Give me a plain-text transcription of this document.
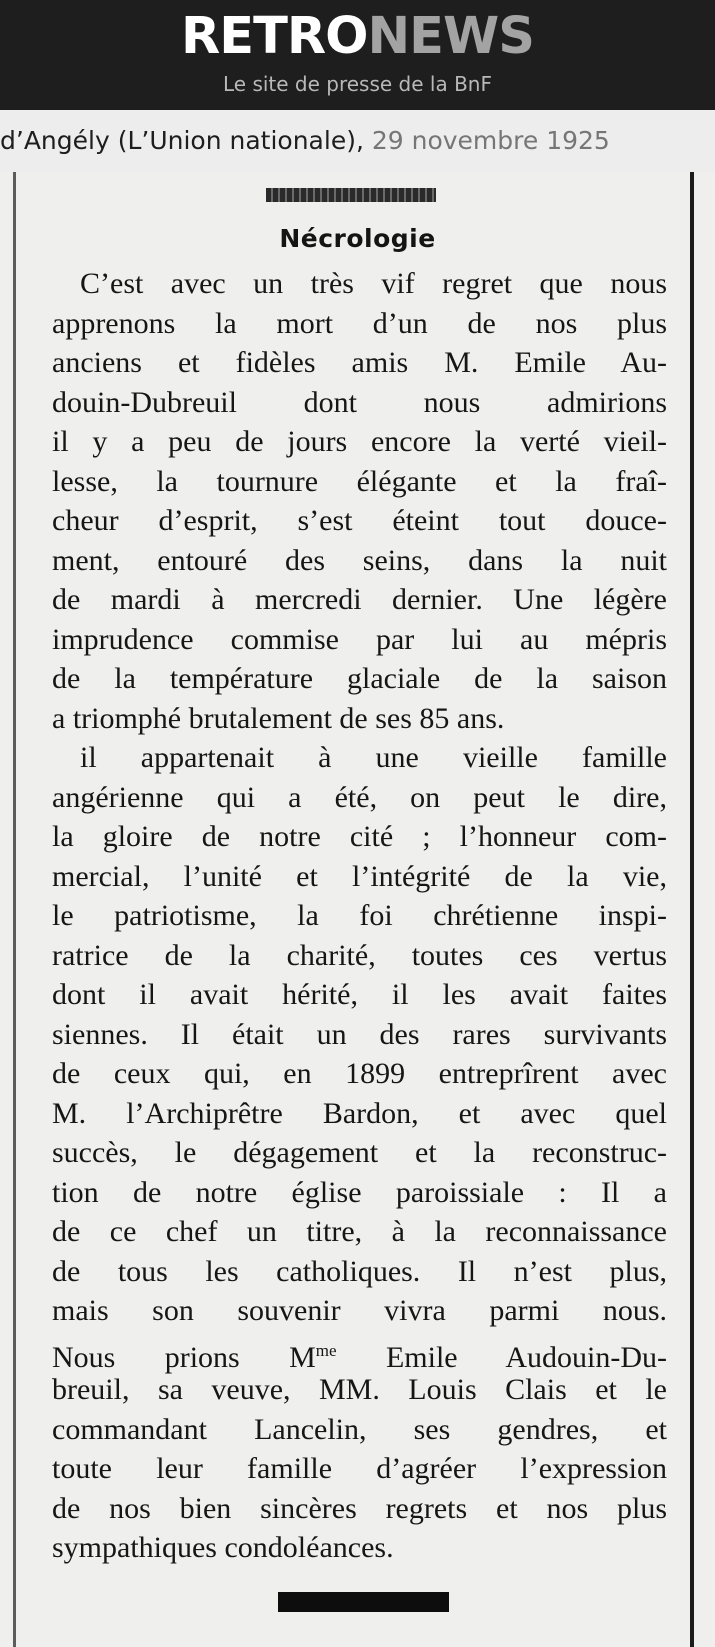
RETRONEWS
Le site de presse de la BnF
d’Angély (L’Union nationale), 29 novembre 1925
Nécrologie
C’est avec un très vif regret que nous
apprenons la mort d’un de nos plus
anciens et fidèles amis M. Emile Au-
douin-Dubreuil dont nous admirions
il y a peu de jours encore la verté vieil-
lesse, la tournure élégante et la fraî-
cheur d’esprit, s’est éteint tout douce-
ment, entouré des seins, dans la nuit
de mardi à mercredi dernier. Une légère
imprudence commise par lui au mépris
de la température glaciale de la saison
a triomphé brutalement de ses 85 ans.
il appartenait à une vieille famille
angérienne qui a été, on peut le dire,
la gloire de notre cité ; l’honneur com-
mercial, l’unité et l’intégrité de la vie,
le patriotisme, la foi chrétienne inspi-
ratrice de la charité, toutes ces vertus
dont il avait hérité, il les avait faites
siennes. Il était un des rares survivants
de ceux qui, en 1899 entreprîrent avec
M. l’Archiprêtre Bardon, et avec quel
succès, le dégagement et la reconstruc-
tion de notre église paroissiale : Il a
de ce chef un titre, à la reconnaissance
de tous les catholiques. Il n’est plus,
mais son souvenir vivra parmi nous.
Nous prions $M^{me}$ Emile Audouin-Du-
breuil, sa veuve, MM. Louis Clais et le
commandant Lancelin, ses gendres, et
toute leur famille d’agréer l’expression
de nos bien sincères regrets et nos plus
sympathiques condoléances.
